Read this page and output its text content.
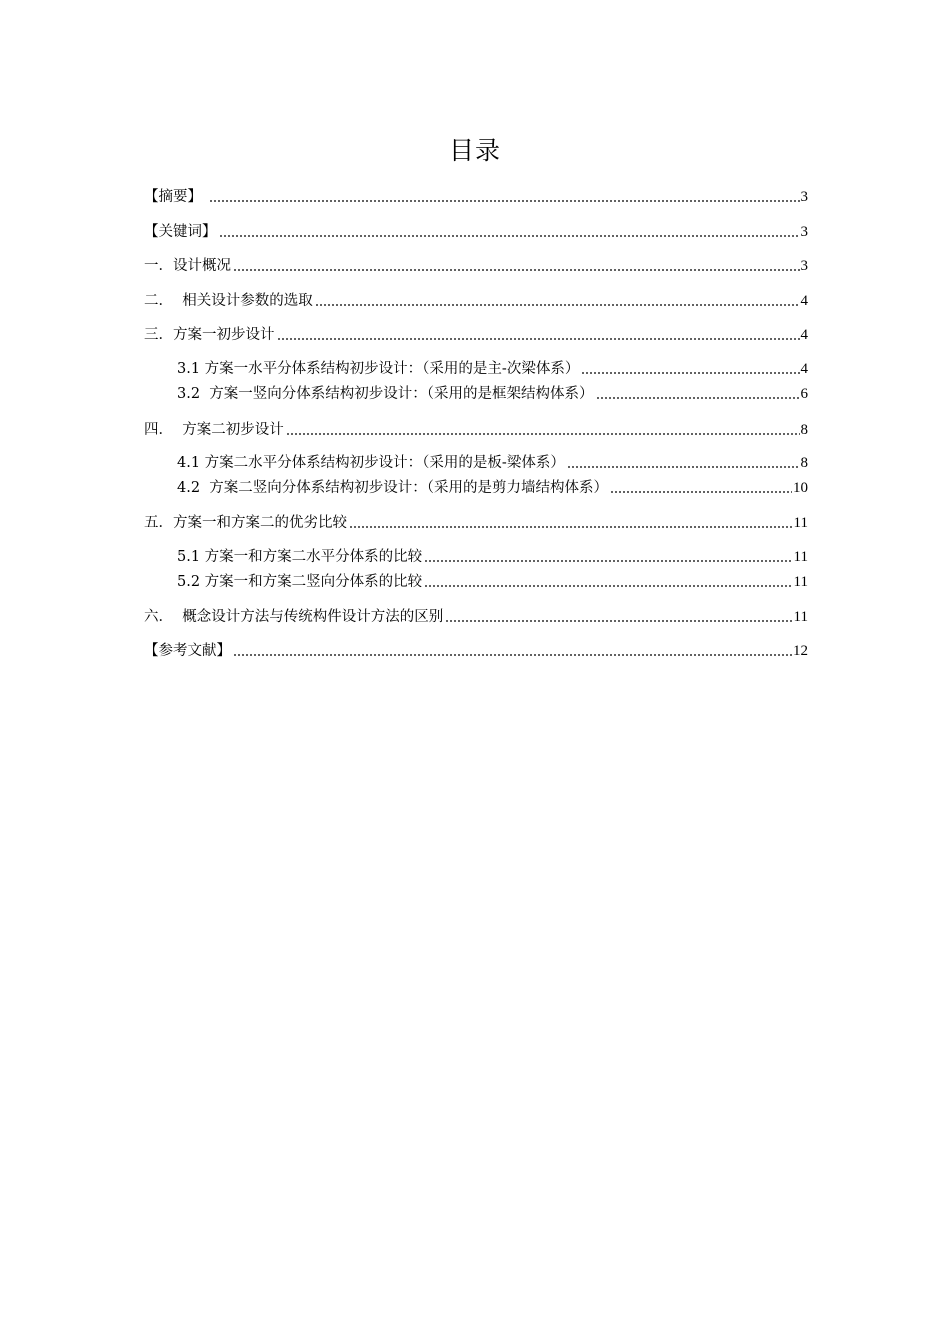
目录
【摘要】	3
【关键词】	3
一．设计概况	3
二．  相关设计参数的选取	4
三．方案一初步设计	4
3.1 方案一水平分体系结构初步设计：（采用的是主-次梁体系）	4
3.2  方案一竖向分体系结构初步设计：（采用的是框架结构体系）	6
四．  方案二初步设计	8
4.1 方案二水平分体系结构初步设计：（采用的是板-梁体系）	8
4.2  方案二竖向分体系结构初步设计：（采用的是剪力墙结构体系）	10
五．方案一和方案二的优劣比较	11
5.1 方案一和方案二水平分体系的比较	11
5.2 方案一和方案二竖向分体系的比较	11
六．  概念设计方法与传统构件设计方法的区别	11
【参考文献】	12
